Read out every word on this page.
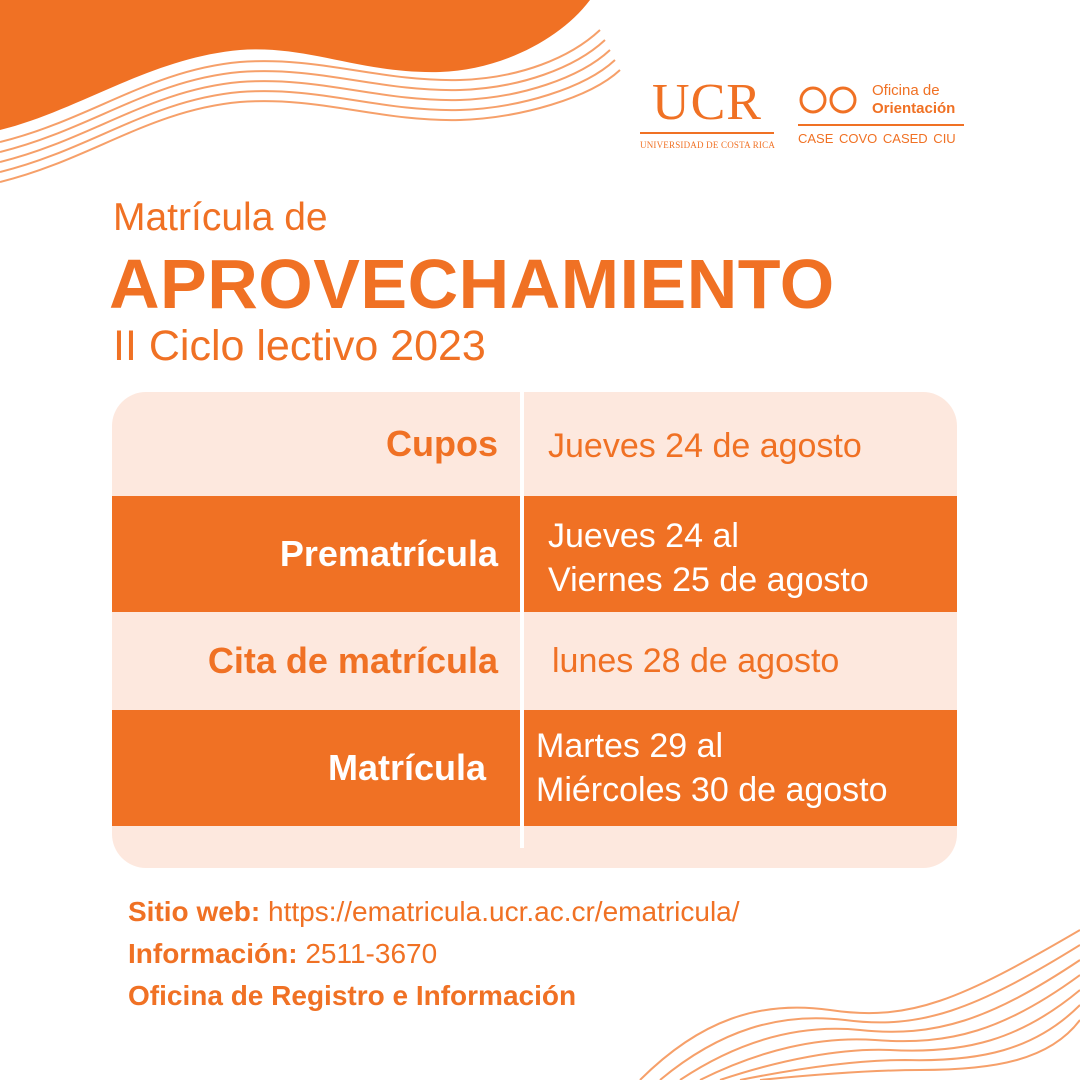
UCR
UNIVERSIDAD DE COSTA RICA
Oficina de
Orientación
CASE COVO CASED CIU
Matrícula de
APROVECHAMIENTO
II Ciclo lectivo 2023
Cupos Jueves 24 de agosto
Prematrícula Jueves 24 al
Viernes 25 de agosto
Cita de matrícula lunes 28 de agosto
Matrícula
Martes 29 al
Miércoles 30 de agosto
Sitio web: https://ematricula.ucr.ac.cr/ematricula/
Información: 2511-3670
Oficina de Registro e Información
